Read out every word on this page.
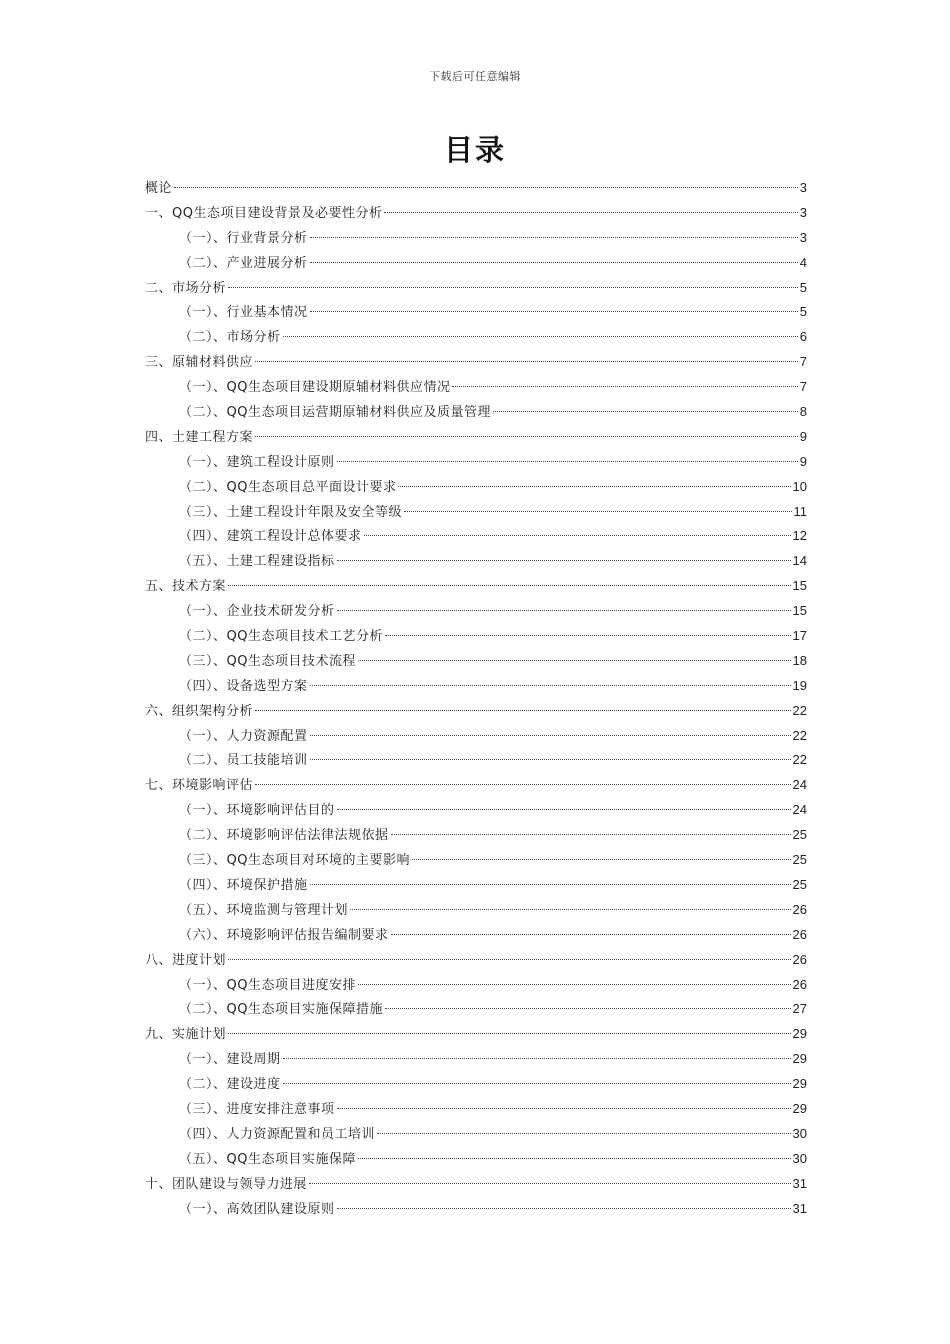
下载后可任意编辑
目录
概论	3
一、QQ生态项目建设背景及必要性分析	3
（一）、行业背景分析	3
（二）、产业进展分析	4
二、市场分析	5
（一）、行业基本情况	5
（二）、市场分析	6
三、原辅材料供应	7
（一）、QQ生态项目建设期原辅材料供应情况	7
（二）、QQ生态项目运营期原辅材料供应及质量管理	8
四、土建工程方案	9
（一）、建筑工程设计原则	9
（二）、QQ生态项目总平面设计要求	10
（三）、土建工程设计年限及安全等级	11
（四）、建筑工程设计总体要求	12
（五）、土建工程建设指标	14
五、技术方案	15
（一）、企业技术研发分析	15
（二）、QQ生态项目技术工艺分析	17
（三）、QQ生态项目技术流程	18
（四）、设备选型方案	19
六、组织架构分析	22
（一）、人力资源配置	22
（二）、员工技能培训	22
七、环境影响评估	24
（一）、环境影响评估目的	24
（二）、环境影响评估法律法规依据	25
（三）、QQ生态项目对环境的主要影响	25
（四）、环境保护措施	25
（五）、环境监测与管理计划	26
（六）、环境影响评估报告编制要求	26
八、进度计划	26
（一）、QQ生态项目进度安排	26
（二）、QQ生态项目实施保障措施	27
九、实施计划	29
（一）、建设周期	29
（二）、建设进度	29
（三）、进度安排注意事项	29
（四）、人力资源配置和员工培训	30
（五）、QQ生态项目实施保障	30
十、团队建设与领导力进展	31
（一）、高效团队建设原则	31
